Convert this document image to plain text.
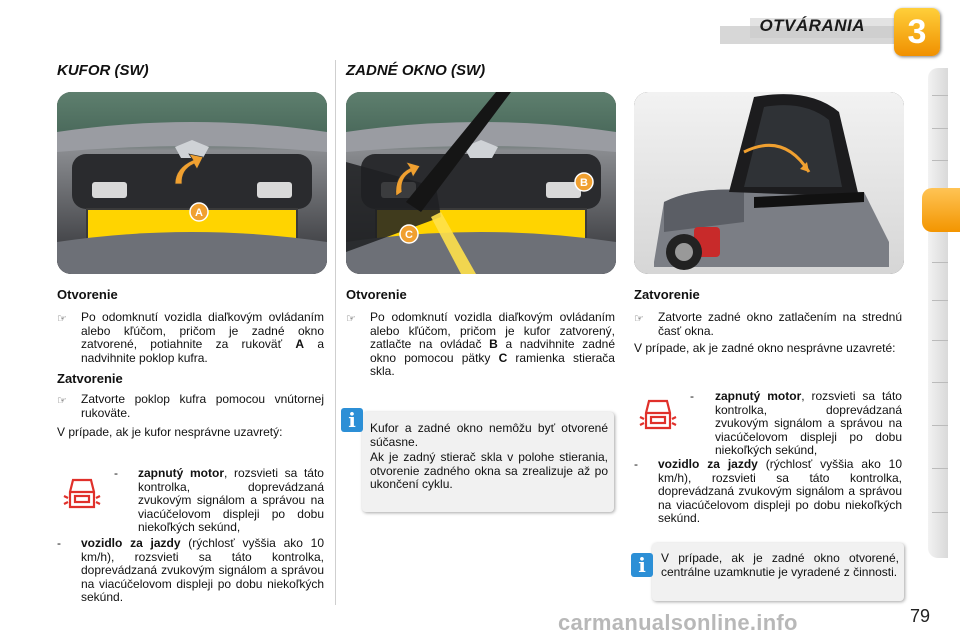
OTVÁRANIA	3
KUFOR (SW)
A
Otvorenie
☞ Po odomknutí vozidla diaľkovým ovládaním alebo kľúčom, pričom je zadné okno zatvorené, potiahnite za rukoväť A a nadvihnite poklop kufra.
Zatvorenie
☞ Zatvorte poklop kufra pomocou vnútornej rukoväte.
V prípade, ak je kufor nesprávne uzavretý:
- zapnutý motor, rozsvieti sa táto kontrolka, doprevádzaná zvukovým signálom a správou na viacúčelovom displeji po dobu niekoľkých sekúnd,
- vozidlo za jazdy (rýchlosť vyššia ako 10 km/h), rozsvieti sa táto kontrolka, doprevádzaná zvukovým signálom a správou na viacúčelovom displeji po dobu niekoľkých sekúnd.
ZADNÉ OKNO (SW)
B
C
Otvorenie
☞ Po odomknutí vozidla diaľkovým ovládaním alebo kľúčom, pričom je kufor zatvorený, zatlačte na ovládač B a nadvihnite zadné okno pomocou pätky C ramienka stierača skla.
i	Kufor a zadné okno nemôžu byť otvorené súčasne.
Ak je zadný stierač skla v polohe stierania, otvorenie zadného okna sa zrealizuje až po ukončení cyklu.
Zatvorenie
☞ Zatvorte zadné okno zatlačením na strednú časť okna.
V prípade, ak je zadné okno nesprávne uzavreté:
- zapnutý motor, rozsvieti sa táto kontrolka, doprevádzaná zvukovým signálom a správou na viacúčelovom displeji po dobu niekoľkých sekúnd,
- vozidlo za jazdy (rýchlosť vyššia ako 10 km/h), rozsvieti sa táto kontrolka, doprevádzaná zvukovým signálom a správou na viacúčelovom displeji po dobu niekoľkých sekúnd.
i	V prípade, ak je zadné okno otvorené, centrálne uzamknutie je vyradené z činnosti.
carmanualsonline.info	79
